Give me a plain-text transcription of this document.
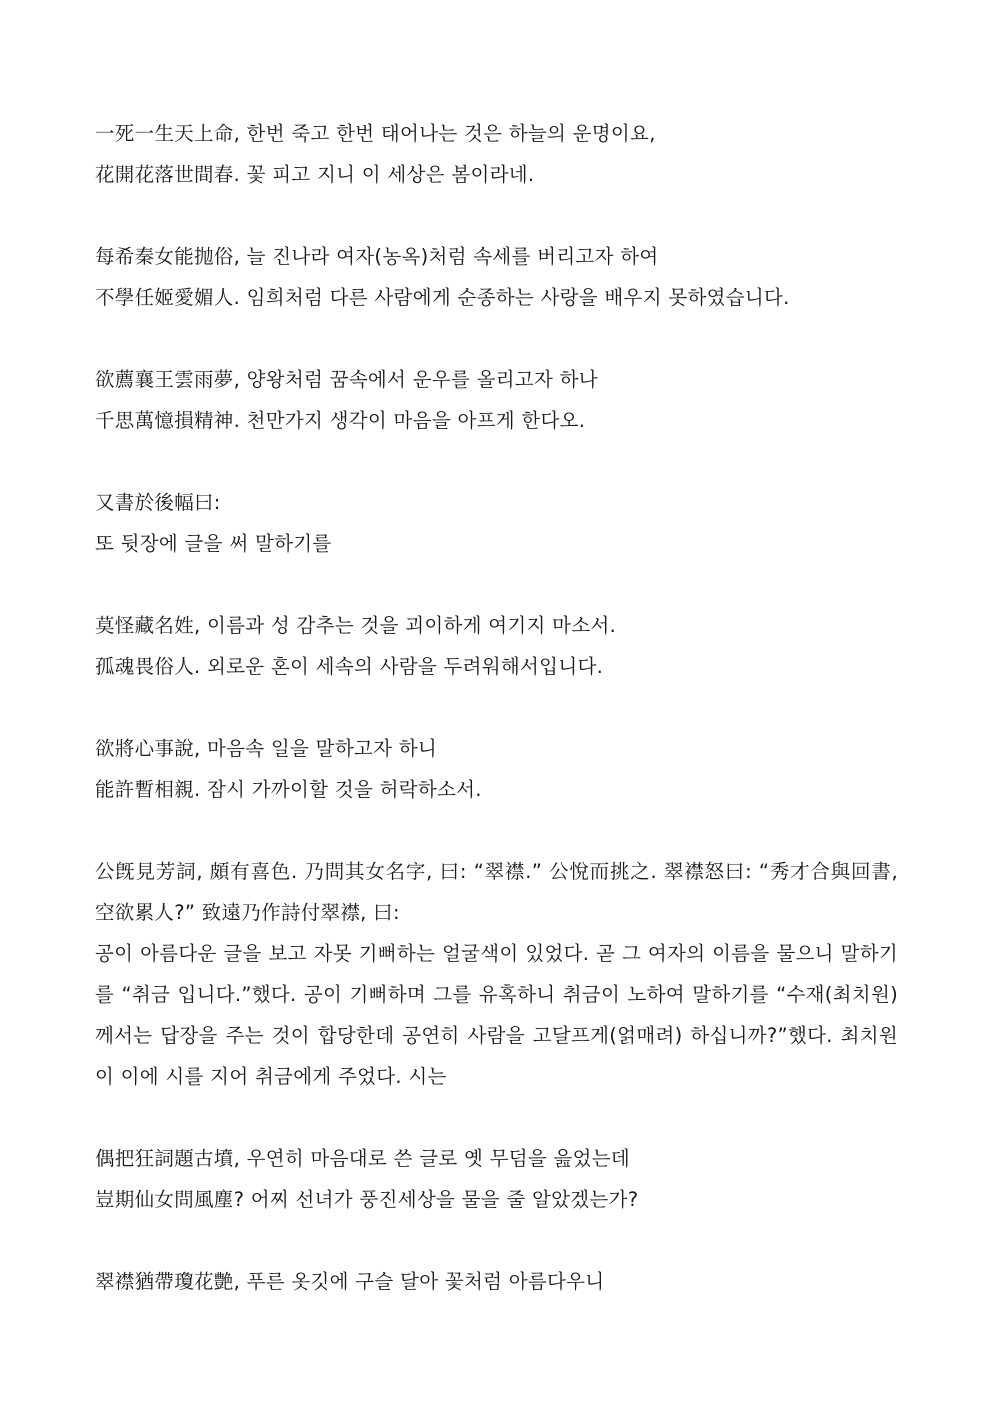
一死一生天上命, 한번 죽고 한번 태어나는 것은 하늘의 운명이요,
花開花落世間春. 꽃 피고 지니 이 세상은 봄이라네.
每希秦女能抛俗, 늘 진나라 여자(농옥)처럼 속세를 버리고자 하여
不學任姬愛媚人. 임희처럼 다른 사람에게 순종하는 사랑을 배우지 못하였습니다.
欲薦襄王雲雨夢, 양왕처럼 꿈속에서 운우를 올리고자 하나
千思萬憶損精神. 천만가지 생각이 마음을 아프게 한다오.
又書於後幅曰:
또 뒷장에 글을 써 말하기를
莫怪藏名姓, 이름과 성 감추는 것을 괴이하게 여기지 마소서.
孤魂畏俗人. 외로운 혼이 세속의 사람을 두려워해서입니다.
欲將心事說, 마음속 일을 말하고자 하니
能許暫相親. 잠시 가까이할 것을 허락하소서.
公旣見芳詞, 頗有喜色. 乃問其女名字, 曰: “翠襟.” 公悅而挑之. 翠襟怒曰: “秀才合與回書, 空欲累人?” 致遠乃作詩付翠襟, 曰:
공이 아름다운 글을 보고 자못 기뻐하는 얼굴색이 있었다. 곧 그 여자의 이름을 물으니 말하기를 “취금 입니다.”했다. 공이 기뻐하며 그를 유혹하니 취금이 노하여 말하기를 “수재(최치원)께서는 답장을 주는 것이 합당한데 공연히 사람을 고달프게(얽매려) 하십니까?”했다. 최치원이 이에 시를 지어 취금에게 주었다. 시는
偶把狂詞題古墳, 우연히 마음대로 쓴 글로 옛 무덤을 읊었는데
豈期仙女問風塵? 어찌 선녀가 풍진세상을 물을 줄 알았겠는가?
翠襟猶帶瓊花艶, 푸른 옷깃에 구슬 달아 꽃처럼 아름다우니
